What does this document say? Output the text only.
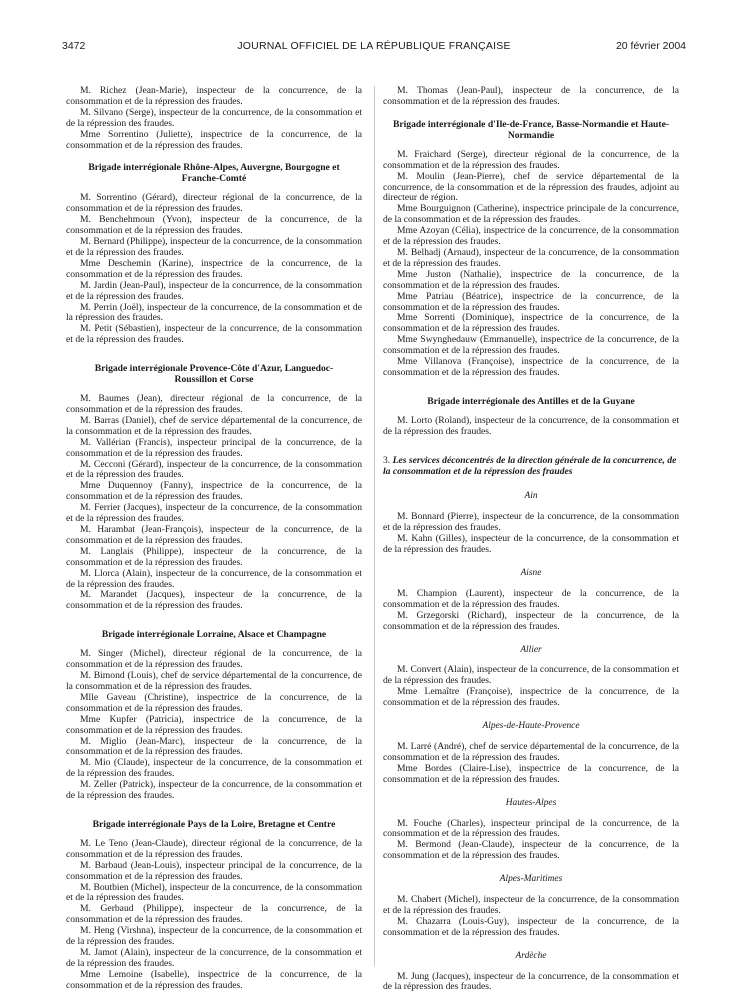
3472	JOURNAL OFFICIEL DE LA RÉPUBLIQUE FRANÇAISE	20 février 2004

M. Richez (Jean-Marie), inspecteur de la concurrence, de la consommation et de la répression des fraudes.

M. Silvano (Serge), inspecteur de la concurrence, de la consommation et de la répression des fraudes.

Mme Sorrentino (Juliette), inspectrice de la concurrence, de la consommation et de la répression des fraudes.

Brigade interrégionale Rhône-Alpes, Auvergne, Bourgogne et Franche-Comté

M. Sorrentino (Gérard), directeur régional de la concurrence, de la consommation et de la répression des fraudes.

M. Benchehmoun (Yvon), inspecteur de la concurrence, de la consommation et de la répression des fraudes.

M. Bernard (Philippe), inspecteur de la concurrence, de la consommation et de la répression des fraudes.

Mme Deschemin (Karine), inspectrice de la concurrence, de la consommation et de la répression des fraudes.

M. Jardin (Jean-Paul), inspecteur de la concurrence, de la consommation et de la répression des fraudes.

M. Perrin (Joël), inspecteur de la concurrence, de la consommation et de la répression des fraudes.

M. Petit (Sébastien), inspecteur de la concurrence, de la consommation et de la répression des fraudes.

Brigade interrégionale Provence-Côte d'Azur, Languedoc-Roussillon et Corse

M. Baumes (Jean), directeur régional de la concurrence, de la consommation et de la répression des fraudes.

M. Barras (Daniel), chef de service départemental de la concurrence, de la consommation et de la répression des fraudes.

M. Vallérian (Francis), inspecteur principal de la concurrence, de la consommation et de la répression des fraudes.

M. Cecconi (Gérard), inspecteur de la concurrence, de la consommation et de la répression des fraudes.

Mme Duquennoy (Fanny), inspectrice de la concurrence, de la consommation et de la répression des fraudes.

M. Ferrier (Jacques), inspecteur de la concurrence, de la consommation et de la répression des fraudes.

M. Harambat (Jean-François), inspecteur de la concurrence, de la consommation et de la répression des fraudes.

M. Langlais (Philippe), inspecteur de la concurrence, de la consommation et de la répression des fraudes.

M. Llorca (Alain), inspecteur de la concurrence, de la consommation et de la répression des fraudes.

M. Marandet (Jacques), inspecteur de la concurrence, de la consommation et de la répression des fraudes.

Brigade interrégionale Lorraine, Alsace et Champagne

M. Singer (Michel), directeur régional de la concurrence, de la consommation et de la répression des fraudes.

M. Bimond (Louis), chef de service départemental de la concurrence, de la consommation et de la répression des fraudes.

Mlle Gaveau (Christine), inspectrice de la concurrence, de la consommation et de la répression des fraudes.

Mme Kupfer (Patricia), inspectrice de la concurrence, de la consommation et de la répression des fraudes.

M. Miglio (Jean-Marc), inspecteur de la concurrence, de la consommation et de la répression des fraudes.

M. Mio (Claude), inspecteur de la concurrence, de la consommation et de la répression des fraudes.

M. Zeller (Patrick), inspecteur de la concurrence, de la consommation et de la répression des fraudes.

Brigade interrégionale Pays de la Loire, Bretagne et Centre

M. Le Teno (Jean-Claude), directeur régional de la concurrence, de la consommation et de la répression des fraudes.

M. Barbaud (Jean-Louis), inspecteur principal de la concurrence, de la consommation et de la répression des fraudes.

M. Boutbien (Michel), inspecteur de la concurrence, de la consommation et de la répression des fraudes.

M. Gerbaud (Philippe), inspecteur de la concurrence, de la consommation et de la répression des fraudes.

M. Heng (Virshna), inspecteur de la concurrence, de la consommation et de la répression des fraudes.

M. Jamot (Alain), inspecteur de la concurrence, de la consommation et de la répression des fraudes.

Mme Lemoine (Isabelle), inspectrice de la concurrence, de la consommation et de la répression des fraudes.

M. Thomas (Jean-Paul), inspecteur de la concurrence, de la consommation et de la répression des fraudes.

Brigade interrégionale d'Ile-de-France, Basse-Normandie et Haute-Normandie

M. Fraichard (Serge), directeur régional de la concurrence, de la consommation et de la répression des fraudes.

M. Moulin (Jean-Pierre), chef de service départemental de la concurrence, de la consommation et de la répression des fraudes, adjoint au directeur de région.

Mme Bourguignon (Catherine), inspectrice principale de la concurrence, de la consommation et de la répression des fraudes.

Mme Azoyan (Célia), inspectrice de la concurrence, de la consommation et de la répression des fraudes.

M. Belhadj (Arnaud), inspecteur de la concurrence, de la consommation et de la répression des fraudes.

Mme Juston (Nathalie), inspectrice de la concurrence, de la consommation et de la répression des fraudes.

Mme Patriau (Béatrice), inspectrice de la concurrence, de la consommation et de la répression des fraudes.

Mme Sorrenti (Dominique), inspectrice de la concurrence, de la consommation et de la répression des fraudes.

Mme Swynghedauw (Emmanuelle), inspectrice de la concurrence, de la consommation et de la répression des fraudes.

Mme Villanova (Françoise), inspectrice de la concurrence, de la consommation et de la répression des fraudes.

Brigade interrégionale des Antilles et de la Guyane

M. Lorto (Roland), inspecteur de la concurrence, de la consommation et de la répression des fraudes.

3. Les services déconcentrés de la direction générale de la concurrence, de la consommation et de la répression des fraudes

Ain

M. Bonnard (Pierre), inspecteur de la concurrence, de la consommation et de la répression des fraudes.

M. Kahn (Gilles), inspecteur de la concurrence, de la consommation et de la répression des fraudes.

Aisne

M. Champion (Laurent), inspecteur de la concurrence, de la consommation et de la répression des fraudes.

M. Grzegorski (Richard), inspecteur de la concurrence, de la consommation et de la répression des fraudes.

Allier

M. Convert (Alain), inspecteur de la concurrence, de la consommation et de la répression des fraudes.

Mme Lemaître (Françoise), inspectrice de la concurrence, de la consommation et de la répression des fraudes.

Alpes-de-Haute-Provence

M. Larré (André), chef de service départemental de la concurrence, de la consommation et de la répression des fraudes.

Mme Bordes (Claire-Lise), inspectrice de la concurrence, de la consommation et de la répression des fraudes.

Hautes-Alpes

M. Fouche (Charles), inspecteur principal de la concurrence, de la consommation et de la répression des fraudes.

M. Bermond (Jean-Claude), inspecteur de la concurrence, de la consommation et de la répression des fraudes.

Alpes-Maritimes

M. Chabert (Michel), inspecteur de la concurrence, de la consommation et de la répression des fraudes.

M. Chazarra (Louis-Guy), inspecteur de la concurrence, de la consommation et de la répression des fraudes.

Ardèche

M. Jung (Jacques), inspecteur de la concurrence, de la consommation et de la répression des fraudes.
